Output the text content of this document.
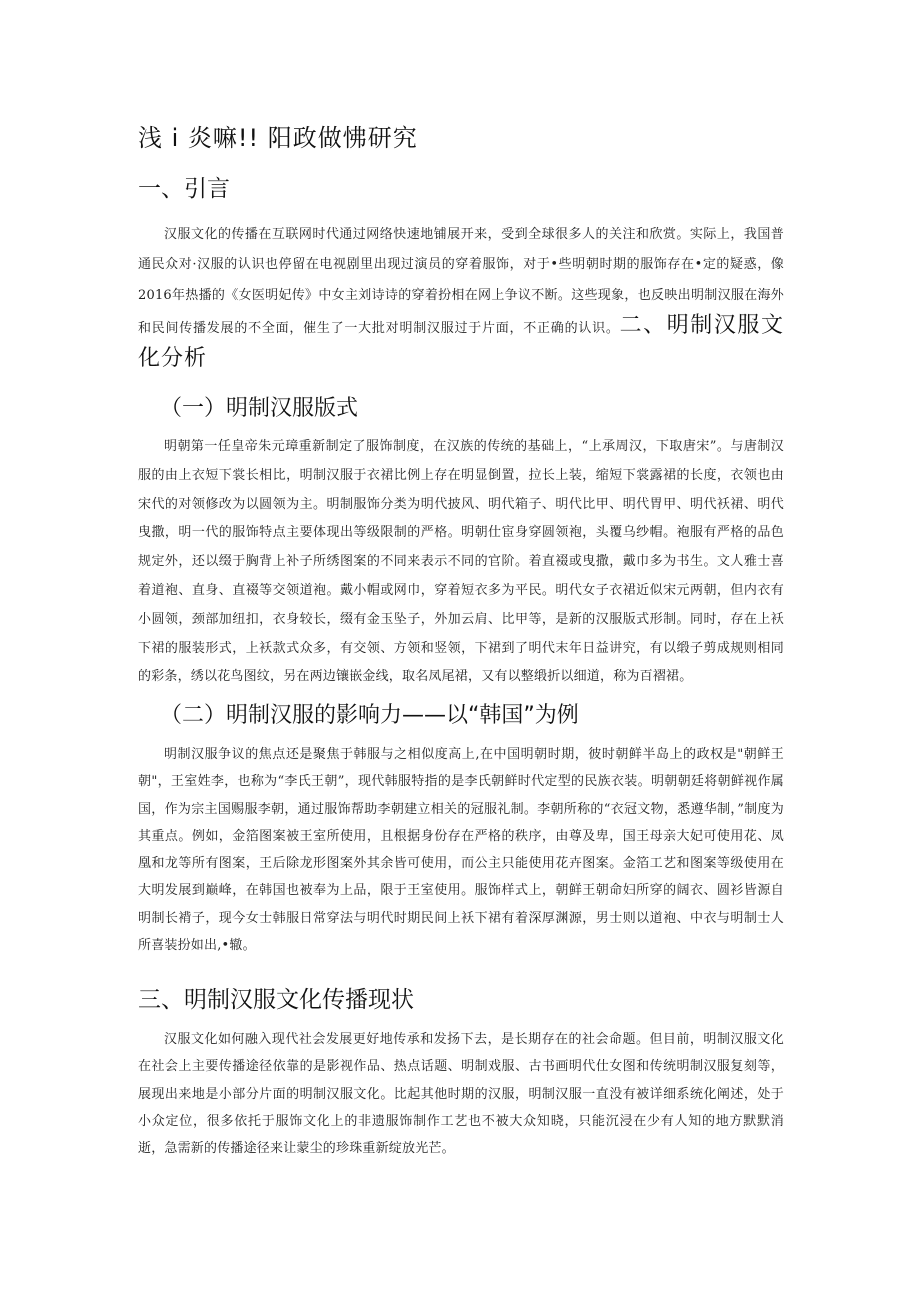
浅 i 炎嘛!! 阳政做怫研究
一、引言
汉服文化的传播在互联网时代通过网络快速地铺展开来，受到全球很多人的关注和欣赏。实际上，我国普通民众对·汉服的认识也停留在电视剧里出现过演员的穿着服饰，对于•些明朝时期的服饰存在•定的疑惑，像2016年热播的《女医明妃传》中女主刘诗诗的穿着扮相在网上争议不断。这些现象，也反映出明制汉服在海外和民间传播发展的不全面，催生了一大批对明制汉服过于片面，不正确的认识。二、明制汉服文化分析
（一）明制汉服版式
明朝第一任皇帝朱元璋重新制定了服饰制度，在汉族的传统的基础上，“上承周汉，下取唐宋”。与唐制汉服的由上衣短下裳长相比，明制汉服于衣裙比例上存在明显倒置，拉长上装，缩短下裳露裙的长度，衣领也由宋代的对领修改为以圆领为主。明制服饰分类为明代披风、明代箱子、明代比甲、明代胃甲、明代袄裙、明代曳撒，明一代的服饰特点主要体现出等级限制的严格。明朝仕宦身穿圆领袍，头覆乌纱帽。袍服有严格的品色规定外，还以缀于胸背上补子所绣图案的不同来表示不同的官阶。着直裰或曳撒，戴巾多为书生。文人雅士喜着道袍、直身、直裰等交领道袍。戴小帽或网巾，穿着短衣多为平民。明代女子衣裙近似宋元两朝，但内衣有小圆领，颈部加纽扣，衣身较长，缀有金玉坠子，外加云肩、比甲等，是新的汉服版式形制。同时，存在上袄下裙的服装形式，上袄款式众多，有交领、方领和竖领，下裙到了明代末年日益讲究，有以缎子剪成规则相同的彩条，绣以花鸟图纹，另在两边镶嵌金线，取名凤尾裙，又有以整缎折以细道，称为百褶裙。
（二）明制汉服的影响力——以“韩国”为例
明制汉服争议的焦点还是聚焦于韩服与之相似度高上,在中国明朝时期，彼时朝鲜半岛上的政权是"朝鲜王朝"，王室姓李，也称为“李氏王朝”，现代韩服特指的是李氏朝鲜时代定型的民族衣装。明朝朝廷将朝鲜视作属国，作为宗主国赐服李朝，通过服饰帮助李朝建立相关的冠服礼制。李朝所称的“衣冠文物，悉遵华制，”制度为其重点。例如，金箔图案被王室所使用，且根据身份存在严格的秩序，由尊及卑，国王母亲大妃可使用花、凤凰和龙等所有图案，王后除龙形图案外其余皆可使用，而公主只能使用花卉图案。金箔工艺和图案等级使用在大明发展到巅峰，在韩国也被奉为上品，限于王室使用。服饰样式上，朝鲜王朝命妇所穿的阔衣、圆衫皆源自明制长褙子，现今女士韩服日常穿法与明代时期民间上袄下裙有着深厚渊源，男士则以道袍、中衣与明制士人所喜装扮如出,•辙。
三、明制汉服文化传播现状
汉服文化如何融入现代社会发展更好地传承和发扬下去，是长期存在的社会命题。但目前，明制汉服文化在社会上主要传播途径依靠的是影视作品、热点话题、明制戏服、古书画明代仕女图和传统明制汉服复刻等，展现出来地是小部分片面的明制汉服文化。比起其他时期的汉服，明制汉服一直没有被详细系统化阐述，处于小众定位，很多依托于服饰文化上的非遗服饰制作工艺也不被大众知晓，只能沉浸在少有人知的地方默默消逝，急需新的传播途径来让蒙尘的珍珠重新绽放光芒。
